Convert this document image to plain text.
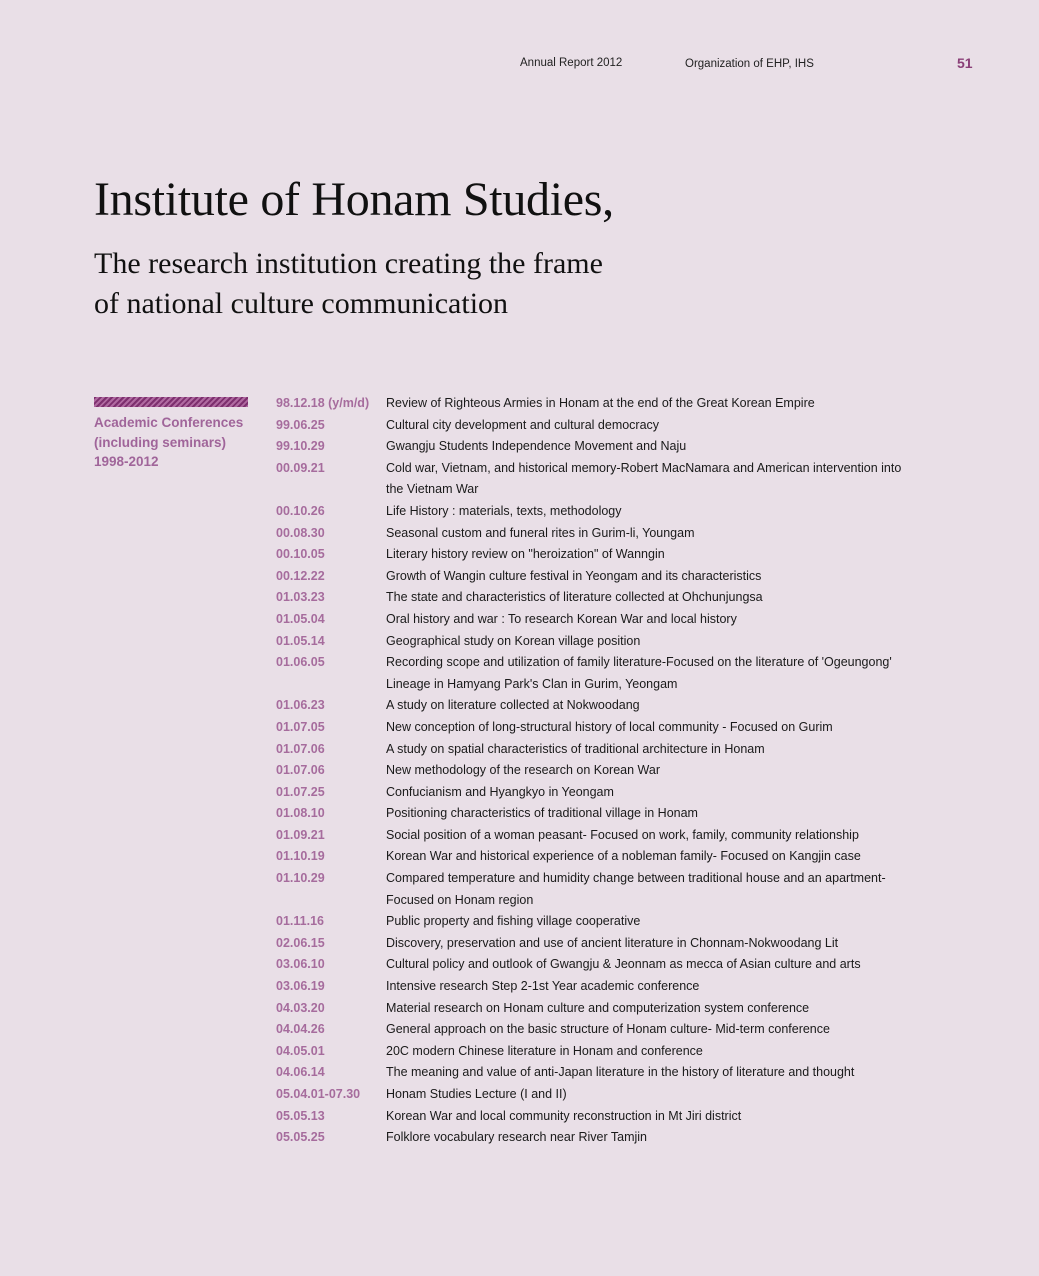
Annual Report 2012	Organization of EHP, IHS	51
Institute of Honam Studies,
The research institution creating the frame
of national culture communication
Academic Conferences
(including seminars)
1998-2012
98.12.18 (y/m/d)	Review of Righteous Armies in Honam at the end of the Great Korean Empire
99.06.25	Cultural city development and cultural democracy
99.10.29	Gwangju Students Independence Movement and Naju
00.09.21	Cold war, Vietnam, and historical memory-Robert MacNamara and American intervention into the Vietnam War
00.10.26	Life History : materials, texts, methodology
00.08.30	Seasonal custom and funeral rites in Gurim-li, Youngam
00.10.05	Literary history review on "heroization" of Wanngin
00.12.22	Growth of Wangin culture festival in Yeongam and its characteristics
01.03.23	The state and characteristics of literature collected at Ohchunjungsa
01.05.04	Oral history and war : To research Korean War and local history
01.05.14	Geographical study on Korean village position
01.06.05	Recording scope and utilization of family literature-Focused on the literature of 'Ogeungong' Lineage in Hamyang Park's Clan in Gurim, Yeongam
01.06.23	A study on literature collected at Nokwoodang
01.07.05	New conception of long-structural history of local community - Focused on Gurim
01.07.06	A study on spatial characteristics of traditional architecture in Honam
01.07.06	New methodology of the research on Korean War
01.07.25	Confucianism and Hyangkyo in Yeongam
01.08.10	Positioning characteristics of traditional village in Honam
01.09.21	Social position of a woman peasant- Focused on work, family, community relationship
01.10.19	Korean War and historical experience of a nobleman family- Focused on Kangjin case
01.10.29	Compared temperature and humidity change between traditional house and an apartment-Focused on Honam region
01.11.16	Public property and fishing village cooperative
02.06.15	Discovery, preservation and use of ancient literature in Chonnam-Nokwoodang Lit
03.06.10	Cultural policy and outlook of Gwangju & Jeonnam as mecca of Asian culture and arts
03.06.19	Intensive research Step 2-1st Year academic conference
04.03.20	Material research on Honam culture and computerization system conference
04.04.26	General approach on the basic structure of Honam culture- Mid-term conference
04.05.01	20C modern Chinese literature in Honam and conference
04.06.14	The meaning and value of anti-Japan literature in the history of literature and thought
05.04.01-07.30	Honam Studies Lecture (I and II)
05.05.13	Korean War and local community reconstruction in Mt Jiri district
05.05.25	Folklore vocabulary research near River Tamjin
